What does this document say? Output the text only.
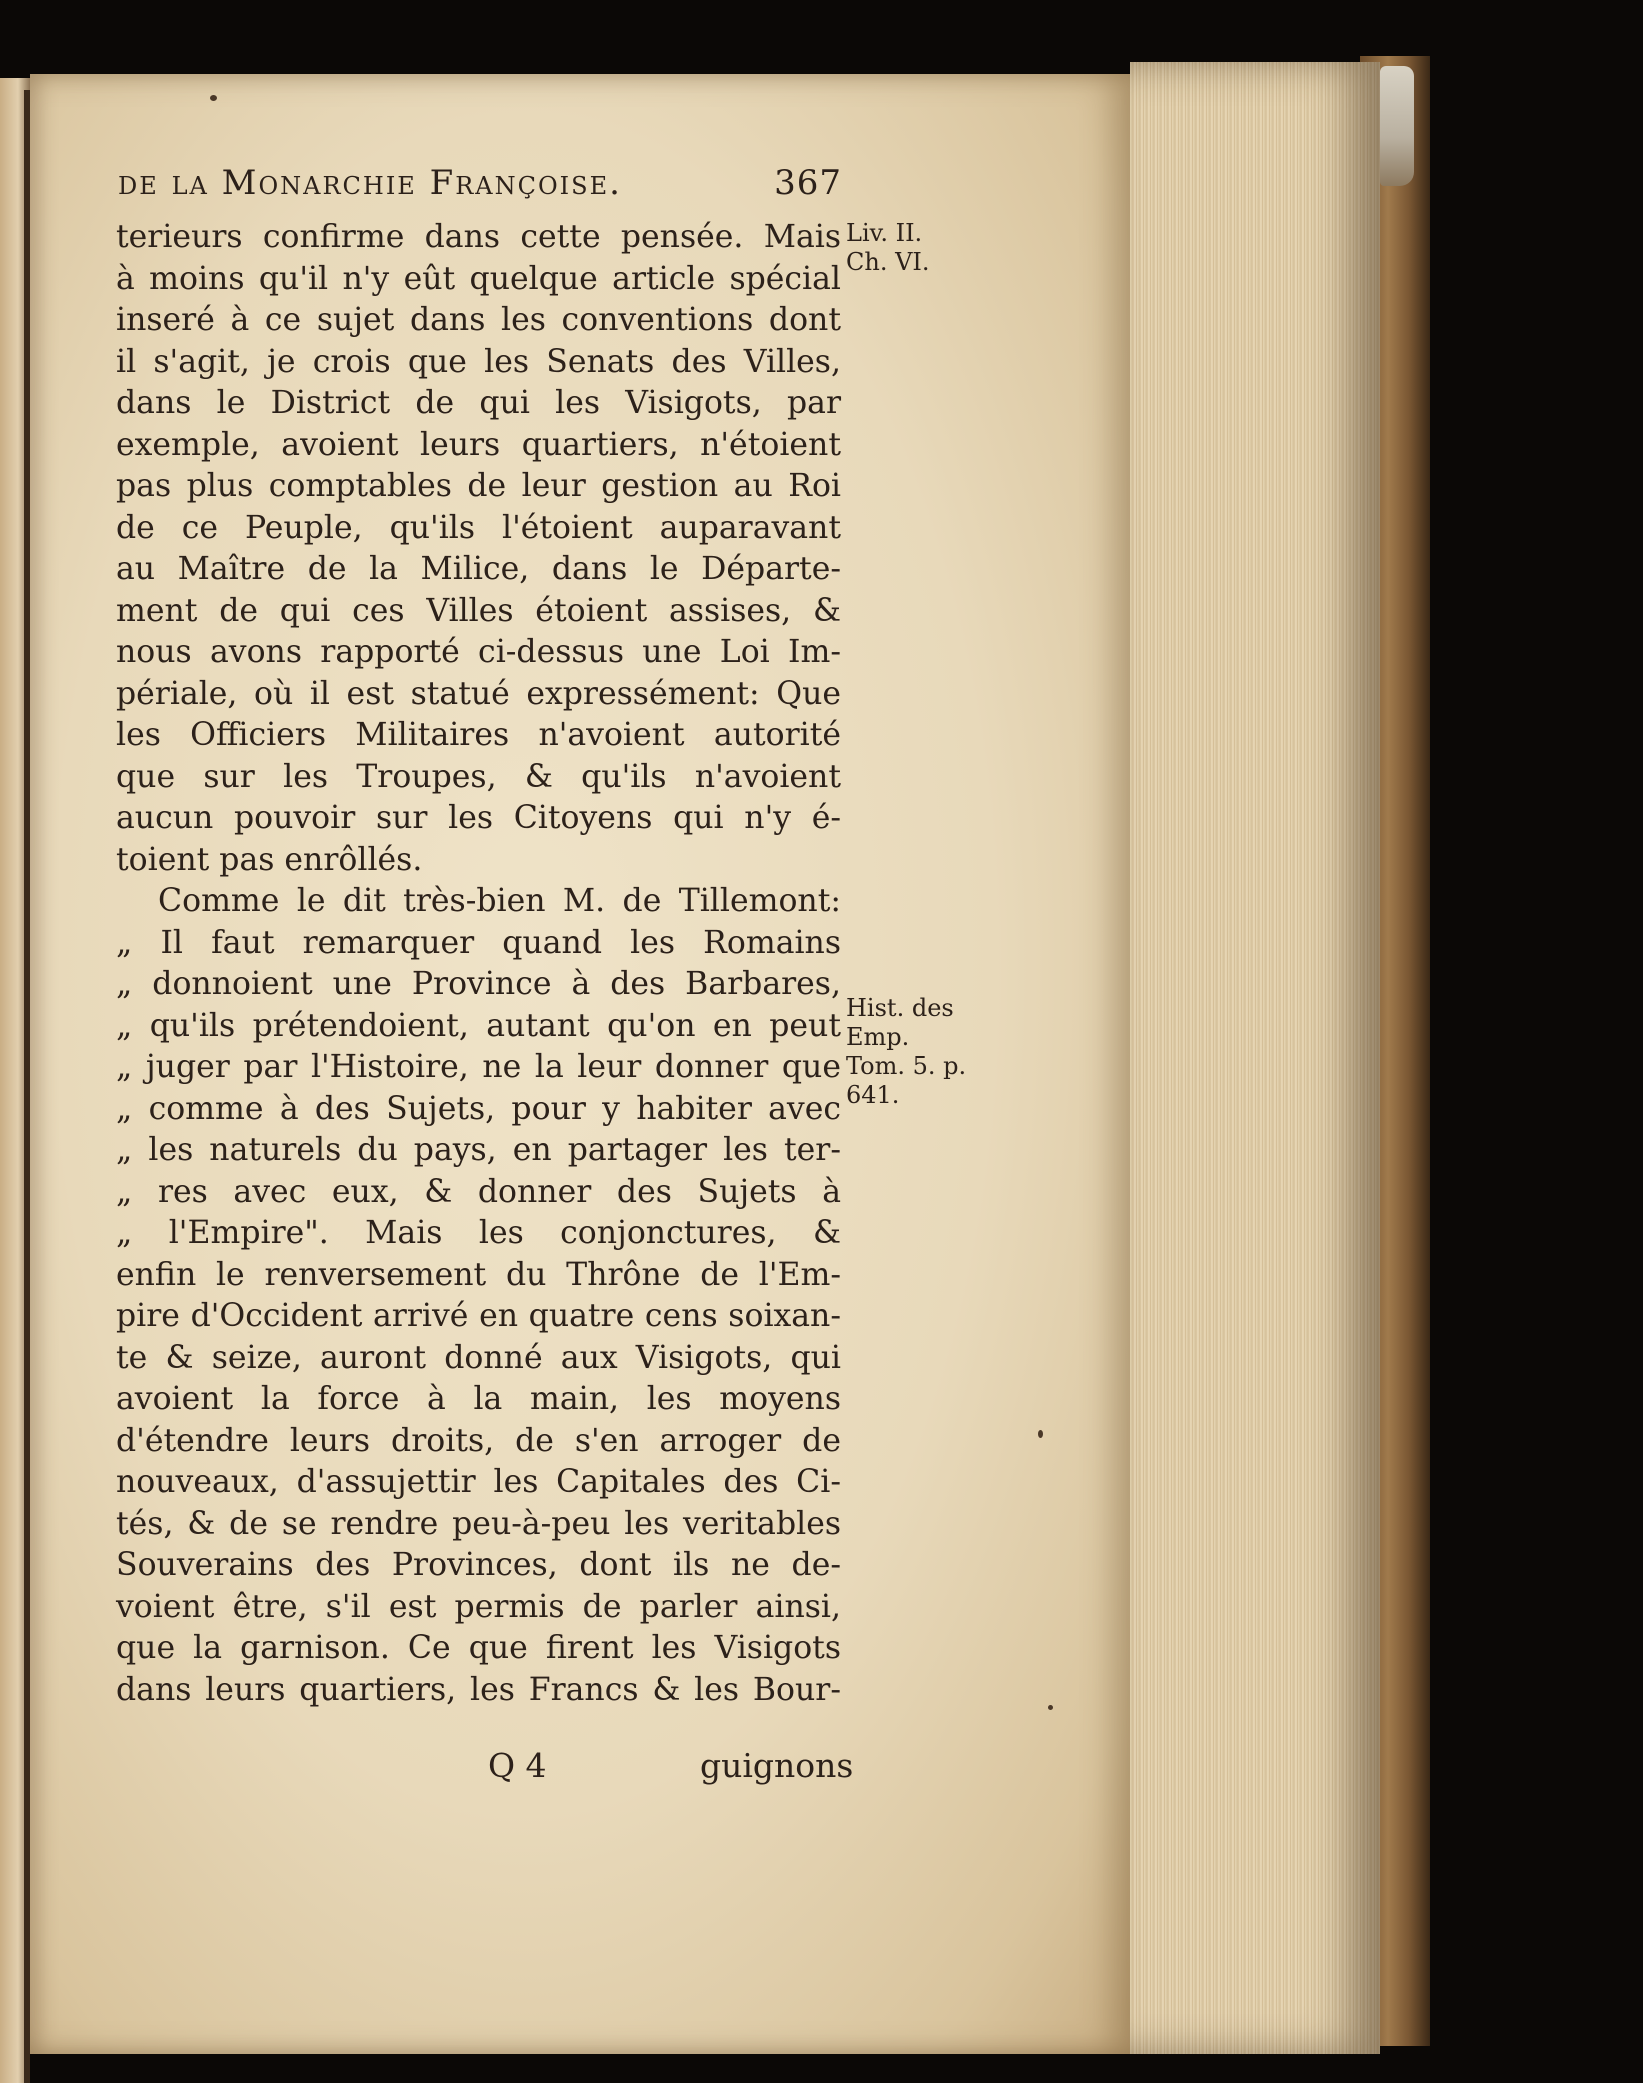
de la Monarchie Françoise.	367
terieurs confirme dans cette pensée. Mais
à moins qu'il n'y eût quelque article spécial
inseré à ce sujet dans les conventions dont
il s'agit, je crois que les Senats des Villes,
dans le District de qui les Visigots, par
exemple, avoient leurs quartiers, n'étoient
pas plus comptables de leur gestion au Roi
de ce Peuple, qu'ils l'étoient auparavant
au Maître de la Milice, dans le Départe-
ment de qui ces Villes étoient assises, &
nous avons rapporté ci-dessus une Loi Im-
périale, où il est statué expressément: Que
les Officiers Militaires n'avoient autorité
que sur les Troupes, & qu'ils n'avoient
aucun pouvoir sur les Citoyens qui n'y é-
toient pas enrôllés.
Comme le dit très-bien M. de Tillemont:
„ Il faut remarquer quand les Romains
„ donnoient une Province à des Barbares,
„ qu'ils prétendoient, autant qu'on en peut
„ juger par l'Histoire, ne la leur donner que
„ comme à des Sujets, pour y habiter avec
„ les naturels du pays, en partager les ter-
„ res avec eux, & donner des Sujets à
„ l'Empire". Mais les conjonctures, &
enfin le renversement du Thrône de l'Em-
pire d'Occident arrivé en quatre cens soixan-
te & seize, auront donné aux Visigots, qui
avoient la force à la main, les moyens
d'étendre leurs droits, de s'en arroger de
nouveaux, d'assujettir les Capitales des Ci-
tés, & de se rendre peu-à-peu les veritables
Souverains des Provinces, dont ils ne de-
voient être, s'il est permis de parler ainsi,
que la garnison. Ce que firent les Visigots
dans leurs quartiers, les Francs & les Bour-
Liv. II.
Ch. VI.
Hist. des
Emp.
Tom. 5. p.
641.
Q 4	guignons
